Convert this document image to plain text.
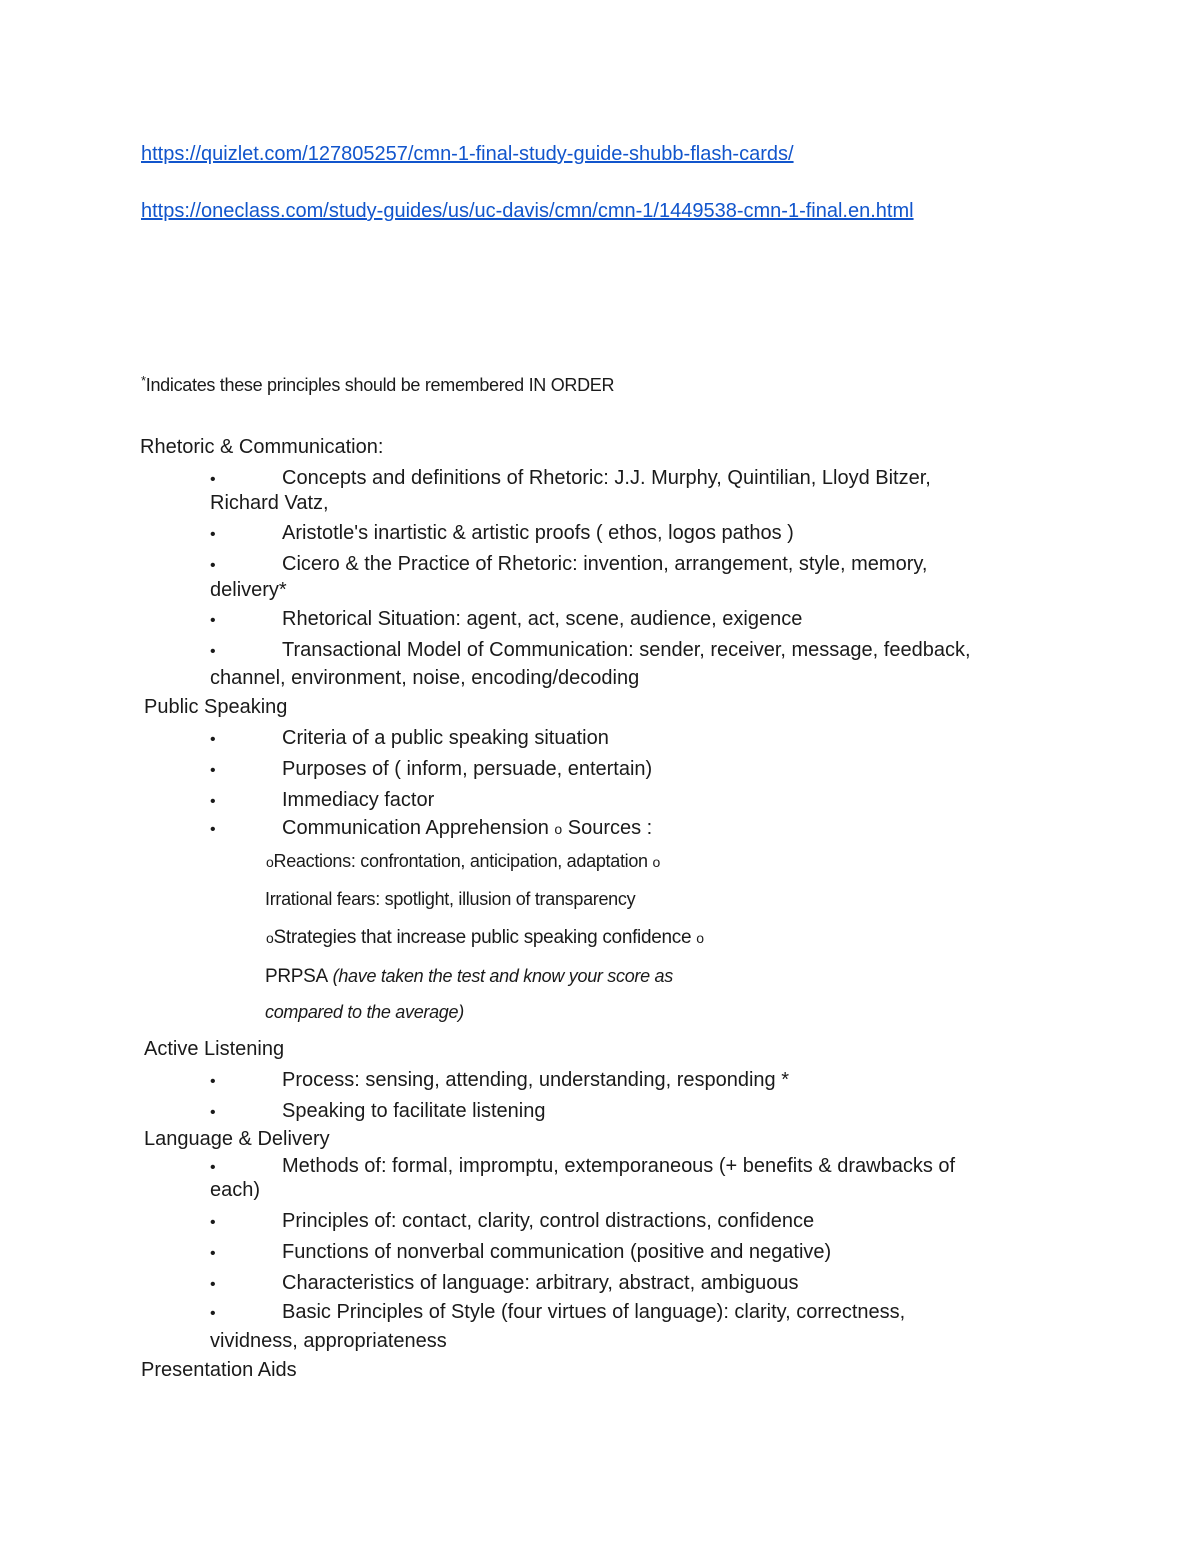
https://quizlet.com/127805257/cmn-1-final-study-guide-shubb-flash-cards/
https://oneclass.com/study-guides/us/uc-davis/cmn/cmn-1/1449538-cmn-1-final.en.html
*Indicates these principles should be remembered IN ORDER
Rhetoric & Communication:
•	Concepts and definitions of Rhetoric: J.J. Murphy, Quintilian, Lloyd Bitzer,
Richard Vatz,
•	Aristotle's inartistic & artistic proofs ( ethos, logos pathos )
•	Cicero & the Practice of Rhetoric: invention, arrangement, style, memory,
delivery*
•	Rhetorical Situation: agent, act, scene, audience, exigence
•	Transactional Model of Communication: sender, receiver, message, feedback,
channel, environment, noise, encoding/decoding
Public Speaking
•	Criteria of a public speaking situation
•	Purposes of ( inform, persuade, entertain)
•	Immediacy factor
•	Communication Apprehension o Sources :
oReactions: confrontation, anticipation, adaptation o
Irrational fears: spotlight, illusion of transparency
oStrategies that increase public speaking confidence o
PRPSA (have taken the test and know your score as
compared to the average)
Active Listening
•	Process: sensing, attending, understanding, responding *
•	Speaking to facilitate listening
Language & Delivery
•	Methods of: formal, impromptu, extemporaneous (+ benefits & drawbacks of
each)
•	Principles of: contact, clarity, control distractions, confidence
•	Functions of nonverbal communication (positive and negative)
•	Characteristics of language: arbitrary, abstract, ambiguous
•	Basic Principles of Style (four virtues of language): clarity, correctness,
vividness, appropriateness
Presentation Aids
